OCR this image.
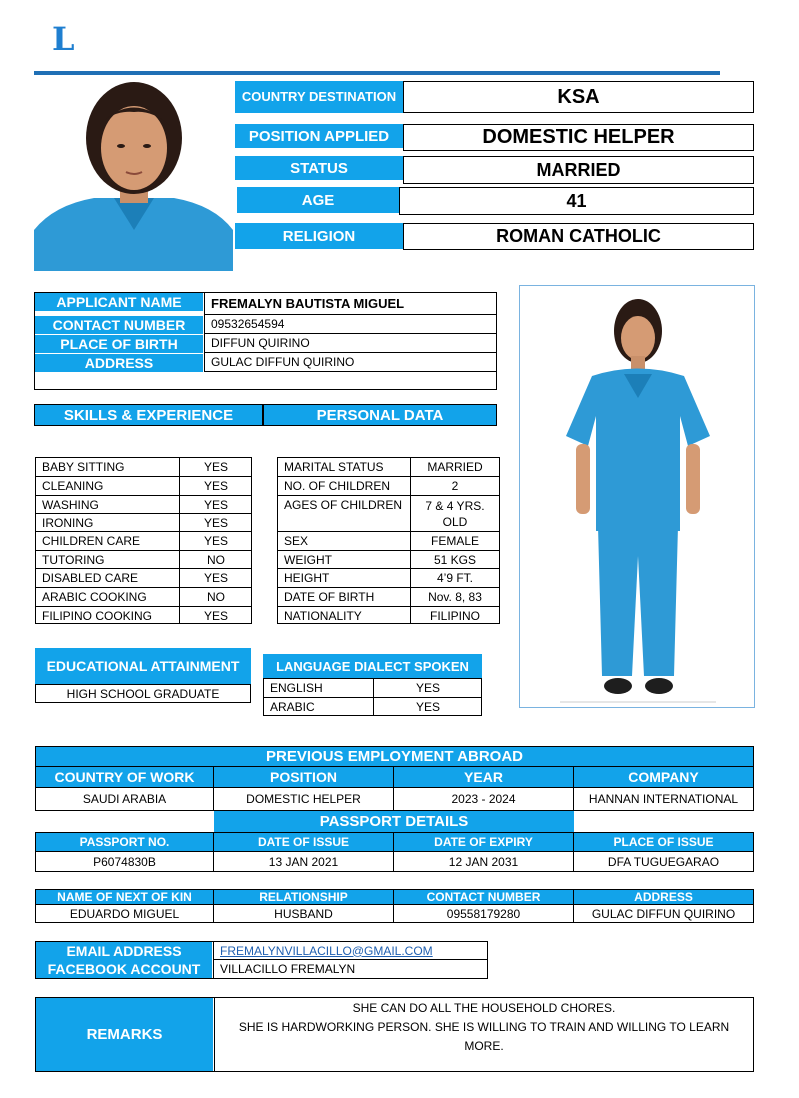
L
COUNTRY DESTINATION	KSA
POSITION APPLIED	DOMESTIC HELPER
STATUS	MARRIED
AGE	41
RELIGION	ROMAN CATHOLIC
APPLICANT NAME	FREMALYN BAUTISTA MIGUEL
CONTACT NUMBER	09532654594
PLACE OF BIRTH	DIFFUN QUIRINO
ADDRESS	GULAC DIFFUN QUIRINO
SKILLS & EXPERIENCE	PERSONAL DATA
BABY SITTING	YES
CLEANING	YES
WASHING	YES
IRONING	YES
CHILDREN CARE	YES
TUTORING	NO
DISABLED CARE	YES
ARABIC COOKING	NO
FILIPINO COOKING	YES
MARITAL STATUS	MARRIED
NO. OF CHILDREN	2
AGES OF CHILDREN	7 & 4 YRS. OLD
SEX	FEMALE
WEIGHT	51 KGS
HEIGHT	4’9 FT.
DATE OF BIRTH	Nov. 8, 83
NATIONALITY	FILIPINO
EDUCATIONAL ATTAINMENT
HIGH SCHOOL GRADUATE
LANGUAGE DIALECT SPOKEN
ENGLISH	YES
ARABIC	YES
PREVIOUS EMPLOYMENT ABROAD
COUNTRY OF WORK	POSITION	YEAR	COMPANY
SAUDI ARABIA	DOMESTIC HELPER	2023 - 2024	HANNAN INTERNATIONAL
PASSPORT DETAILS
PASSPORT NO.	DATE OF ISSUE	DATE OF EXPIRY	PLACE OF ISSUE
P6074830B	13 JAN 2021	12 JAN 2031	DFA TUGUEGARAO
NAME OF NEXT OF KIN	RELATIONSHIP	CONTACT NUMBER	ADDRESS
EDUARDO MIGUEL	HUSBAND	09558179280	GULAC DIFFUN QUIRINO
EMAIL ADDRESS	FREMALYNVILLACILLO@GMAIL.COM
FACEBOOK ACCOUNT	VILLACILLO FREMALYN
REMARKS
SHE CAN DO ALL THE HOUSEHOLD CHORES.
SHE IS HARDWORKING PERSON. SHE IS WILLING TO TRAIN AND WILLING TO LEARN MORE.
